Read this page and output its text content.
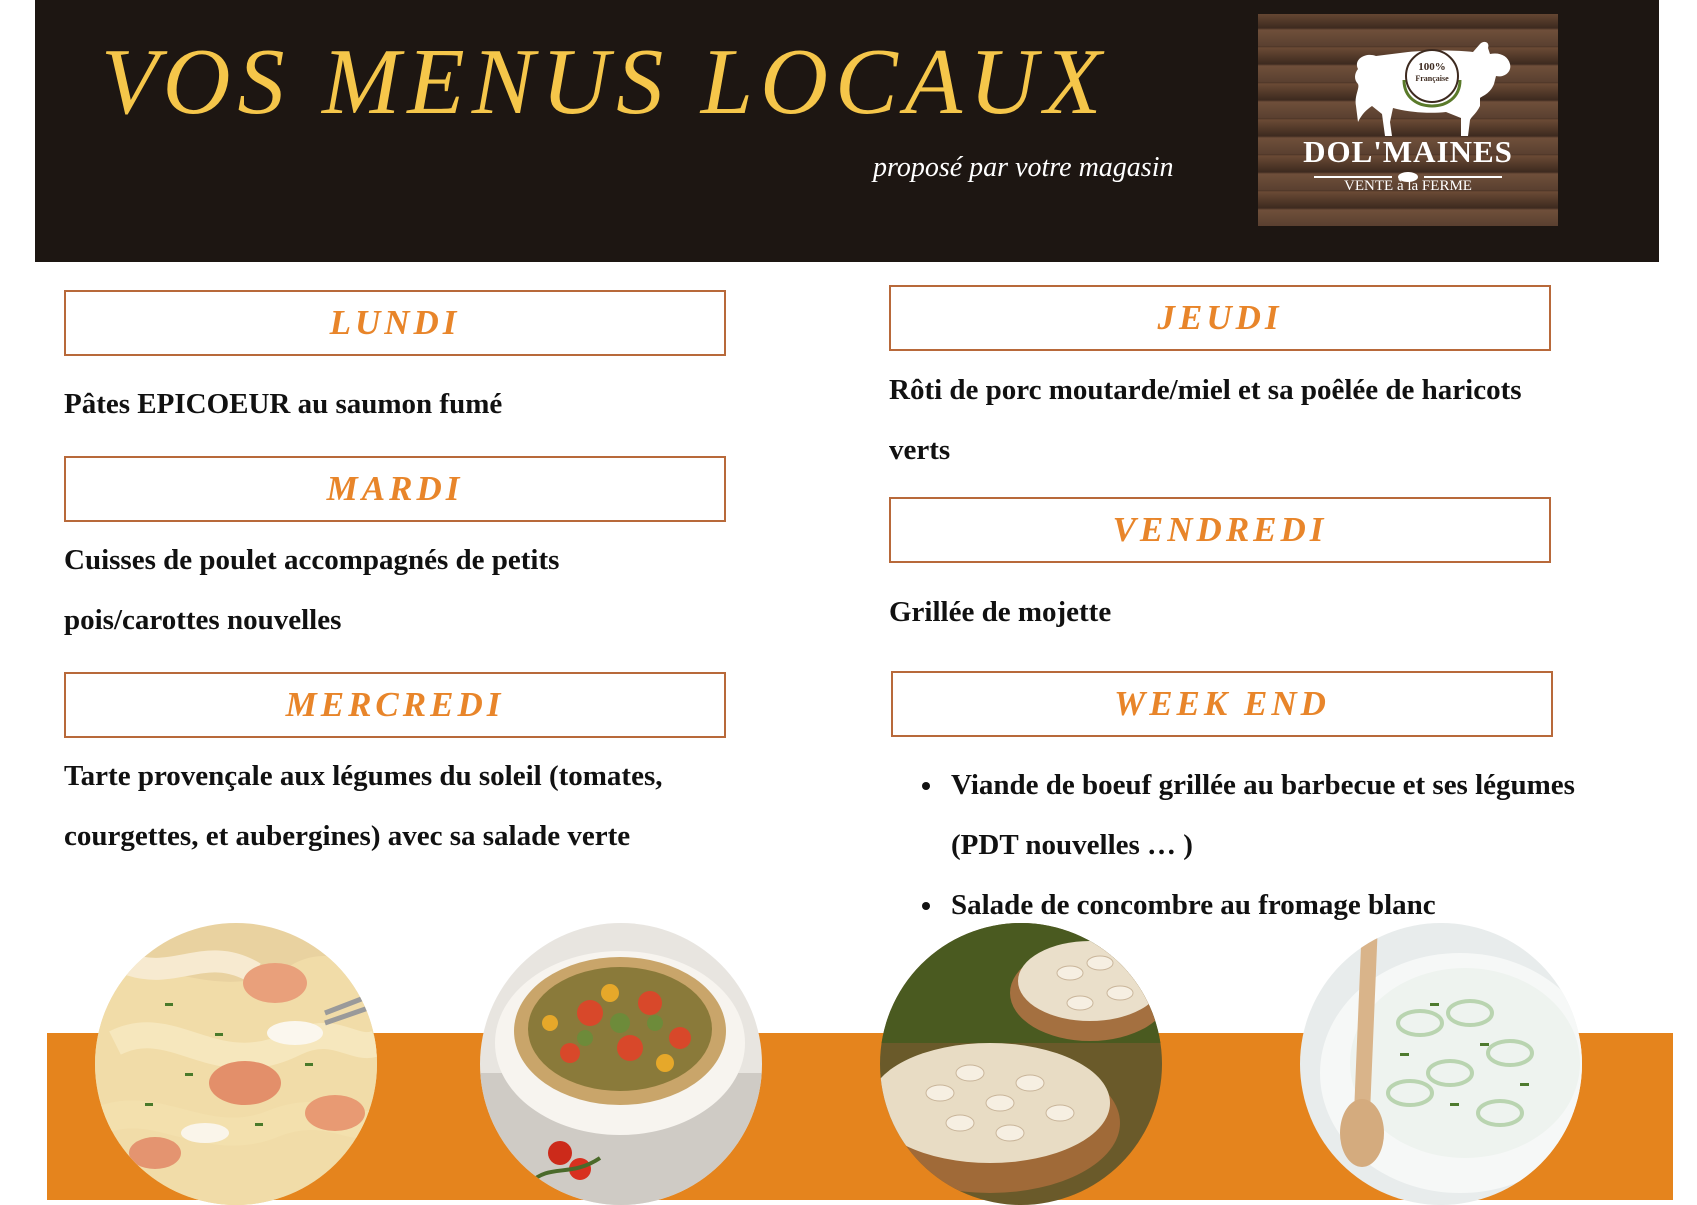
VOS MENUS LOCAUX
proposé par votre magasin
100%
Française
DOL'MAINES
VENTE à la FERME
LUNDI
Pâtes EPICOEUR au saumon fumé
MARDI
Cuisses de poulet accompagnés de petits pois/carottes nouvelles
MERCREDI
Tarte provençale aux légumes du soleil (tomates, courgettes, et aubergines) avec sa salade verte
JEUDI
Rôti de porc moutarde/miel et sa poêlée de haricots verts
VENDREDI
Grillée de mojette
WEEK END
• Viande de boeuf grillée au barbecue et ses légumes (PDT nouvelles … )
• Salade de concombre au fromage blanc
